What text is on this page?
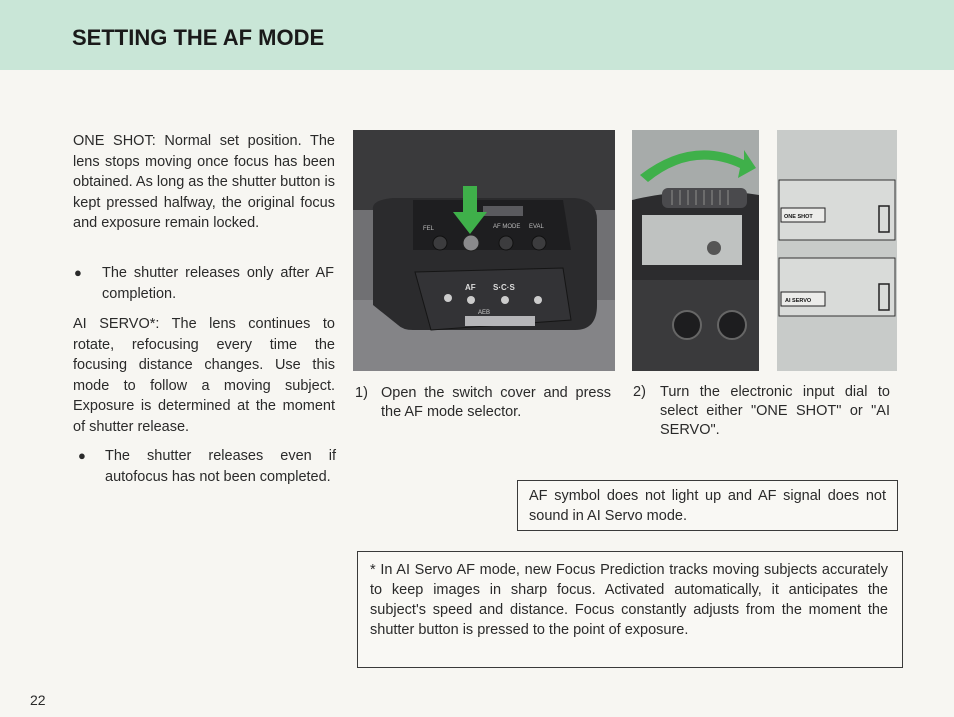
SETTING THE AF MODE

ONE SHOT: Normal set position. The lens stops moving once focus has been obtained. As long as the shutter button is kept pressed halfway, the original focus and exposure remain locked.

● The shutter releases only after AF completion.

AI SERVO*: The lens continues to rotate, refocusing every time the focusing distance changes. Use this mode to follow a moving subject. Exposure is determined at the moment of shutter release.

● The shutter releases even if autofocus has not been completed.

FEL	AF MODE EVAL
AF S·C·S
AEB
ONE SHOT
AI SERVO
1) Open the switch cover and press the AF mode selector.

2) Turn the electronic input dial to select either "ONE SHOT" or "AI SERVO".

AF symbol does not light up and AF signal does not sound in AI Servo mode.

* In AI Servo AF mode, new Focus Prediction tracks moving subjects accurately to keep images in sharp focus. Activated automatically, it anticipates the subject's speed and distance. Focus constantly adjusts from the moment the shutter button is pressed to the point of exposure.

22
